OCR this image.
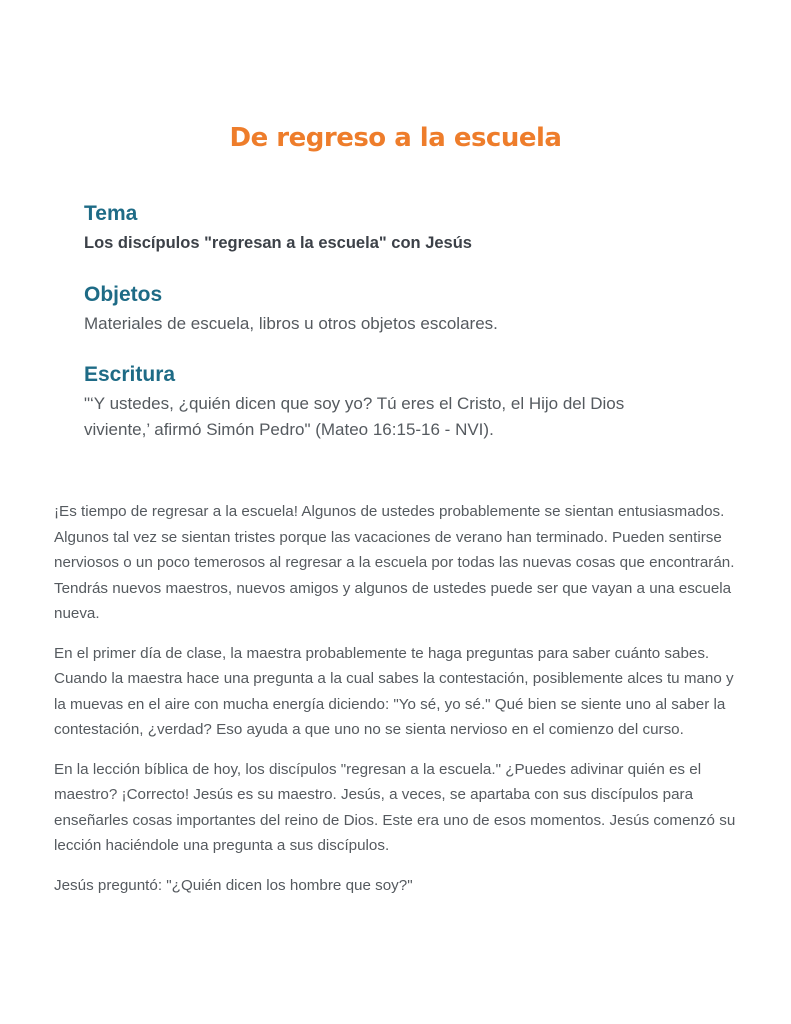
De regreso a la escuela
Tema

Los discípulos "regresan a la escuela" con Jesús

Objetos

Materiales de escuela, libros u otros objetos escolares.

Escritura

"‘Y ustedes, ¿quién dicen que soy yo? Tú eres el Cristo, el Hijo del Dios
viviente,’ afirmó Simón Pedro" (Mateo 16:15-16 - NVI).

¡Es tiempo de regresar a la escuela! Algunos de ustedes probablemente se sientan entusiasmados. Algunos tal vez se sientan tristes porque las vacaciones de verano han terminado. Pueden sentirse nerviosos o un poco temerosos al regresar a la escuela por todas las nuevas cosas que encontrarán. Tendrás nuevos maestros, nuevos amigos y algunos de ustedes puede ser que vayan a una escuela nueva.

En el primer día de clase, la maestra probablemente te haga preguntas para saber cuánto sabes. Cuando la maestra hace una pregunta a la cual sabes la contestación, posiblemente alces tu mano y la muevas en el aire con mucha energía diciendo: "Yo sé, yo sé." Qué bien se siente uno al saber la contestación, ¿verdad? Eso ayuda a que uno no se sienta nervioso en el comienzo del curso.

En la lección bíblica de hoy, los discípulos "regresan a la escuela." ¿Puedes adivinar quién es el maestro? ¡Correcto! Jesús es su maestro. Jesús, a veces, se apartaba con sus discípulos para enseñarles cosas importantes del reino de Dios. Este era uno de esos momentos. Jesús comenzó su lección haciéndole una pregunta a sus discípulos.

Jesús preguntó: "¿Quién dicen los hombre que soy?"
